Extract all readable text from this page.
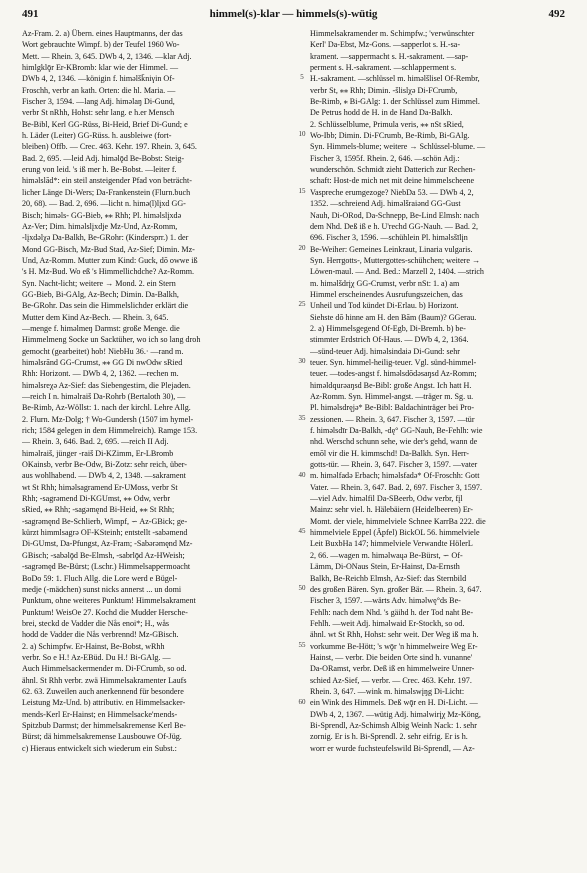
491	himmel(s)-klar — himmels(s)-wütig	492

Az-Fram. 2. a) Übern. eines Hauptmanns, der das

Wort gebrauchte Wimpf. b) der Teufel 1960 Wo-

Mett. — Rhein. 3, 645. DWb 4, 2, 1346. —klar Adj.

himlgklǭr Er-KBromb: klar wie der Himmel. —

DWb 4, 2, 1346. —königin f. himəlšk̄niγin Of-

Froschh, verbr an kath. Orten: die hl. Maria. —

Fischer 3, 1594. —lang Adj. himəlaŋ Di-Gund,

verbr St nRhh, Hohst: sehr lang. e h.er Mensch

Be-Bibl, Kerl GG-Rüss, Bi-Heid, Brief Di-Gund; e

h. Läder (Leiter) GG-Rüss. h. ausbleiwe (fort-

bleiben) Offb. — Crec. 463. Kehr. 197. Rhein. 3, 645.

Bad. 2, 695. —leid Adj. himəlǭd Be-Bobst: Steig-

erung von leid. 's iß mer h. Be-Bobst. —leiter f.

himəlslād*: ein steil ansteigender Pfad von beträcht-

licher Länge Di-Wers; Da-Frankenstein (Flurn.buch

20, 68). — Bad. 2, 696. —licht n. himə(l)lįxd GG-

Bisch; himəls- GG-Bieb, ⁎⁎ Rhh; Pl. himəlslįxdə

Az-Ver; Dim. himəlslįxdje Mz-Und, Az-Romm,

-lįxdəlχə Da-Balkh, Be-GRohr: (Kindersprr.) 1. der

Mond GG-Bisch, Mz-Bud Stad, Az-Sief; Dimin. Mz-

Und, Az-Romm. Mutter zum Kind: Guck, dō owwe iß

's H. Mz-Bud. Wo eß 's Himmellichdche? Az-Romm.

Syn. Nacht-licht; weitere → Mond. 2. ein Stern

GG-Bieb, Bi-GAlg, Az-Bech; Dimin. Da-Balkh,

Be-GRohr. Das sein die Himmelslichder erklärt die

Mutter dem Kind Az-Bech. — Rhein. 3, 645.

—menge f. himəlmeŋ Darmst: große Menge. die

Himmelmeng Socke un Sacktüher, wo ich so lang droh

gemocht (gearbeitet) hob! NiebHu 36.· —rand m.

himəlsrānd GG-Crumst, ⁎⁎ GG Di nwOdw sRied

Rhh: Horizont. — DWb 4, 2, 1362. —rechen m.

himəlsreχə Az-Sief: das Siebengestirn, die Plejaden.

—reich I n. himəlraiš Da-Rohrb (Bertaloth 30), —

Be-Rimb, Az-Wöllst: 1. nach der kirchl. Lehre Allg.

2. Flurn. Mz-Dolg; † Wo-Gundersh (1507 im hymel-

rich; 1584 gelegen in dem Himmelreich). Ramge 153.

— Rhein. 3, 646. Bad. 2, 695. —reich II Adj.

himəlraiš, jünger -raiš Di-KZimm, Er-LBromb

OKainsb, verbr Be-Odw, Bi-Zotz: sehr reich, über-

aus wohlhabend. — DWb 4, 2, 1348. —sakrament

wt St Rhh; himəlsagramend Er-UMoss, verbr St

Rhh; -sagrəmend Di-KGUmst, ⁎⁎ Odw, verbr

sRied, ⁎⁎ Rhh; -sagəmęnd Bi-Heid, ⁎⁎ St Rhh;

-sagrəmęnd Be-Schlierb, Wimpf, ∽ Az-GBick; ge-

kürzt himmlsagrə OF-KSteinh; entstellt -sabəmend

Di-GUmst, Da-Pfungst, Az-Fram; -Sabərəmęnd Mz-

GBisch; -sabəlǭd Be-Elmsh, -sabrlǭd Az-HWeish;

-sagrəmęd Be-Bürst; (Lschr.) Himmelsappermoacht

BoDo 59: 1. Fluch Allg. die Lore werd e Bügel-

medje (-mädchen) sunst nicks annerst ... un domi

Punktum, ohne weiteres Punktum! Himmelsakrament

Punktum! WeisOe 27. Kochd die Mudder Hersche-

brei, steckd de Vadder die Nås enoi*; H., wås

hodd de Vadder die Nås verbrennd! Mz-GBisch.

2. a) Schimpfw. Er-Hainst, Be-Bobst, wRhh

verbr. So e H.! Az-EBüd. Du H.! Bi-GAlg. —

Auch Himmelsackermender m. Di-FCrumb, so od.

ähnl. St Rhh verbr. zwä Himmelsakramenter Laufs

62. 63. Zuweilen auch anerkennend für besondere

Leistung Mz-Und. b) attributiv. en Himmelsacker-

mends-Kerl Er-Hainst; en Himmelsacke'mends-

Spitzbub Darmst; der himmelsakremense Kerl Be-

Bürst; dä himmelsakremense Lausbouwe Of-Jüg.

c) Hieraus entwickelt sich wiederum ein Subst.:

5
10
15
20
25
30
35
40
45
50
55
60

Himmelsakramender m. Schimpfw.; 'verwünschter

Kerl' Da-Ebst, Mz-Gons. —sapperlot s. H.-sa-

krament. —sappermacht s. H.-sakrament. —sap-

perment s. H.-sakrament. —schlapperment s.

H.-sakrament. —schlüssel m. himəlšlisel Of-Rembr,

verbr St, ⁎⁎ Rhh; Dimin. -šlislχə Di-FCrumb,

Be-Rimb, ⁎ Bi-GAlg: 1. der Schlüssel zum Himmel.

De Petrus hodd de H. in de Hand Da-Balkh.

2. Schlüsselblume, Primula veris, ⁎⁎ nSt sRied,

Wo-Ibb; Dimin. Di-FCrumb, Be-Rimb, Bi-GAlg.

Syn. Himmels-blume; weitere → Schlüssel-blume. —

Fischer 3, 1595f. Rhein. 2, 646. —schön Adj.:

wunderschön. Schmidt zieht Datterich zur Rechen-

schaft: Host-de mich net mit deine himmelscheene

Vaspreche erumgezoge? NiebDa 53. — DWb 4, 2,

1352. —schreiend Adj. himəlšraiənd GG-Gust

Nauh, Di-ORod, Da-Schnepp, Be-Lind Elmsh: nach

dem Nhd. Deß iß e h. U'rechd GG-Nauh. — Bad. 2,

696. Fischer 3, 1596. —schühlein Pl. himəlsšīlįn

Be-Weiher: Gemeines Leinkraut, Linaria vulgaris.

Syn. Herrgotts-, Muttergottes-schühchen; weitere →

Löwen-maul. — And. Bed.: Marzell 2, 1404. —strich

m. himəlšdrįχ GG-Crumst, verbr nSt: 1. a) am

Himmel erscheinendes Ausrufungszeichen, das

Unheil und Tod kündet Di-Erlau. b) Horizont.

Siehste dō hinne am H. den Bām (Baum)? GGerau.

2. a) Himmelsgegend Of-Egb, Di-Bremh. b) be-

stimmter Erdstrich Of-Haus. — DWb 4, 2, 1364.

—sünd-teuer Adj. himəlsindaiə Di-Gund: sehr

teuer. Syn. himmel-heilig-teuer. Vgl. sünd-himmel-

teuer. —todes-angst f. himəlsdōdəsaŋsd Az-Romm;

himəldqurəaŋsd Be-Bibl: große Angst. Ich hatt H.

Az-Romm. Syn. Himmel-angst. —träger m. Sg. u.

Pl. himəlsdręjə* Be-Bibl: Baldachinträger bei Pro-

zessionen. — Rhein. 3, 647. Fischer 3, 1597. —tür

f. himəlsdīr Da-Balkh, -dę° GG-Nauh, Be-Fehlh: wie

nhd. Werschd schunn sehe, wie der's gehd, wann de

emōl vir die H. kimmschd! Da-Balkh. Syn. Herr-

gotts-tür. — Rhein. 3, 647. Fischer 3, 1597. —vater

m. himəlfadə Erbach; himəlsfadə* Of-Froschh: Gott

Vater. — Rhein. 3, 647. Bad. 2, 697. Fischer 3, 1597.

—viel Adv. himəlfil Da-SBeerb, Odw verbr, fįl

Mainz: sehr viel. h. Hälebäiern (Heidelbeeren) Er-

Momt. der viele, himmelviele Schnee KarrBa 222. die

himmelviele Eppel (Äpfel) BickOL 56. himmelviele

Leit BuxbHa 147; himmelviele Verwandte HölerL

2, 66. —wagen m. himəlwaųə Be-Bürst, ∽ Of-

Lämm, Di-ONaus Stein, Er-Hainst, Da-Ernsth

Balkh, Be-Reichb Elmsh, Az-Sief: das Sternbild

des großen Bären. Syn. großer Bär. — Rhein. 3, 647.

Fischer 3, 1597. —wärts Adv. himəlwę°ds Be-

Fehlh: nach dem Nhd. 's gäihd h. der Tod naht Be-

Fehlh. —weit Adj. himəlwaid Er-Stockh, so od.

ähnl. wt St Rhh, Hohst: sehr weit. Der Weg iß ma h.

vorkumme Be-Hött; 's wǭr 'n himmelweire Weg Er-

Hainst, — verbr. Die beiden Orte sind h. vunanne'

Da-ORamst, verbr. Deß iß en himmelweire Unner-

schied Az-Sief, — verbr. — Crec. 463. Kehr. 197.

Rhein. 3, 647. —wink m. himəlswįŋg Di-Licht:

ein Wink des Himmels. Deß wǭr en H. Di-Licht. —

DWb 4, 2, 1367. —wütig Adj. himəlwirįχ Mz-Köng,

Bi-Sprendl, Az-Schimsh Albig Weinh Nack: 1. sehr

zornig. Er is h. Bi-Sprendl. 2. sehr eifrig. Er is h.

worr er wurde fuchsteufelswild Bi-Sprendl, — Az-
